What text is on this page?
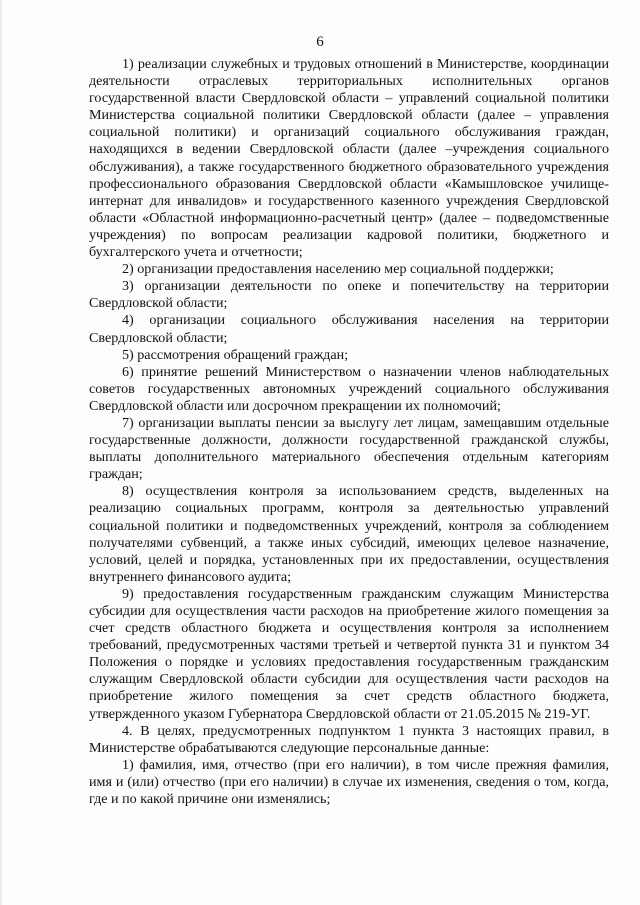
6

1) реализации служебных и трудовых отношений в Министерстве, координации деятельности отраслевых территориальных исполнительных органов государственной власти Свердловской области – управлений социальной политики Министерства социальной политики Свердловской области (далее – управления социальной политики) и организаций социального обслуживания граждан, находящихся в ведении Свердловской области (далее –учреждения социального обслуживания), а также государственного бюджетного образовательного учреждения профессионального образования Свердловской области «Камышловское училище-интернат для инвалидов» и государственного казенного учреждения Свердловской области «Областной информационно-расчетный центр» (далее – подведомственные учреждения) по вопросам реализации кадровой политики, бюджетного и бухгалтерского учета и отчетности;

2) организации предоставления населению мер социальной поддержки;

3) организации деятельности по опеке и попечительству на территории Свердловской области;

4) организации социального обслуживания населения на территории Свердловской области;

5) рассмотрения обращений граждан;

6) принятие решений Министерством о назначении членов наблюдательных советов государственных автономных учреждений социального обслуживания Свердловской области или досрочном прекращении их полномочий;

7) организации выплаты пенсии за выслугу лет лицам, замещавшим отдельные государственные должности, должности государственной гражданской службы, выплаты дополнительного материального обеспечения отдельным категориям граждан;

8) осуществления контроля за использованием средств, выделенных на реализацию социальных программ, контроля за деятельностью управлений социальной политики и подведомственных учреждений, контроля за соблюдением получателями субвенций, а также иных субсидий, имеющих целевое назначение, условий, целей и порядка, установленных при их предоставлении, осуществления внутреннего финансового аудита;

9) предоставления государственным гражданским служащим Министерства субсидии для осуществления части расходов на приобретение жилого помещения за счет средств областного бюджета и осуществления контроля за исполнением требований, предусмотренных частями третьей и четвертой пункта 31 и пунктом 34 Положения о порядке и условиях предоставления государственным гражданским служащим Свердловской области субсидии для осуществления части расходов на приобретение жилого помещения за счет средств областного бюджета, утвержденного указом Губернатора Свердловской области от 21.05.2015 № 219-УГ.

4. В целях, предусмотренных подпунктом 1 пункта 3 настоящих правил, в Министерстве обрабатываются следующие персональные данные:

1) фамилия, имя, отчество (при его наличии), в том числе прежняя фамилия, имя и (или) отчество (при его наличии) в случае их изменения, сведения о том, когда, где и по какой причине они изменялись;
